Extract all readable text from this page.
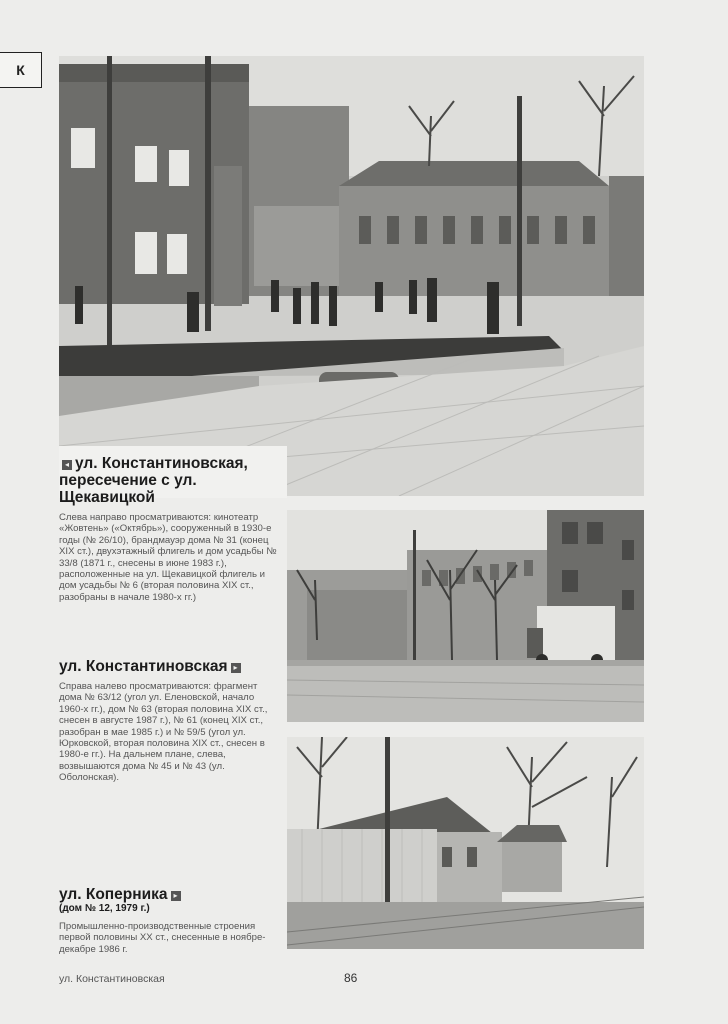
К
◂ ул. Константиновская, пересечение с ул. Щекавицкой
Слева направо просматриваются: кинотеатр «Жовтень» («Октябрь»), сооруженный в 1930-е годы (№ 26/10), брандмауэр дома № 31 (конец XIX ст.), двухэтажный флигель и дом усадьбы № 33/8 (1871 г., снесены в июне 1983 г.), расположенные на ул. Щекавицкой флигель и дом усадьбы № 6 (вторая половина XIX ст., разобраны в начале 1980-х гг.)
ул. Константиновская ▸
Справа налево просматриваются: фрагмент дома № 63/12 (угол ул. Еленовской, начало 1960-х гг.), дом № 63 (вторая половина XIX ст., снесен в августе 1987 г.), № 61 (конец XIX ст., разобран в мае 1985 г.) и № 59/5 (угол ул. Юрковской, вторая половина XIX ст., снесен в 1980-е гг.). На дальнем плане, слева, возвышаются дома № 45 и № 43 (ул. Оболонская).
ул. Коперника ▸
(дом № 12, 1979 г.)
Промышленно-производственные строения первой половины XX ст., снесенные в ноябре-декабре 1986 г.
ул. Константиновская	86
